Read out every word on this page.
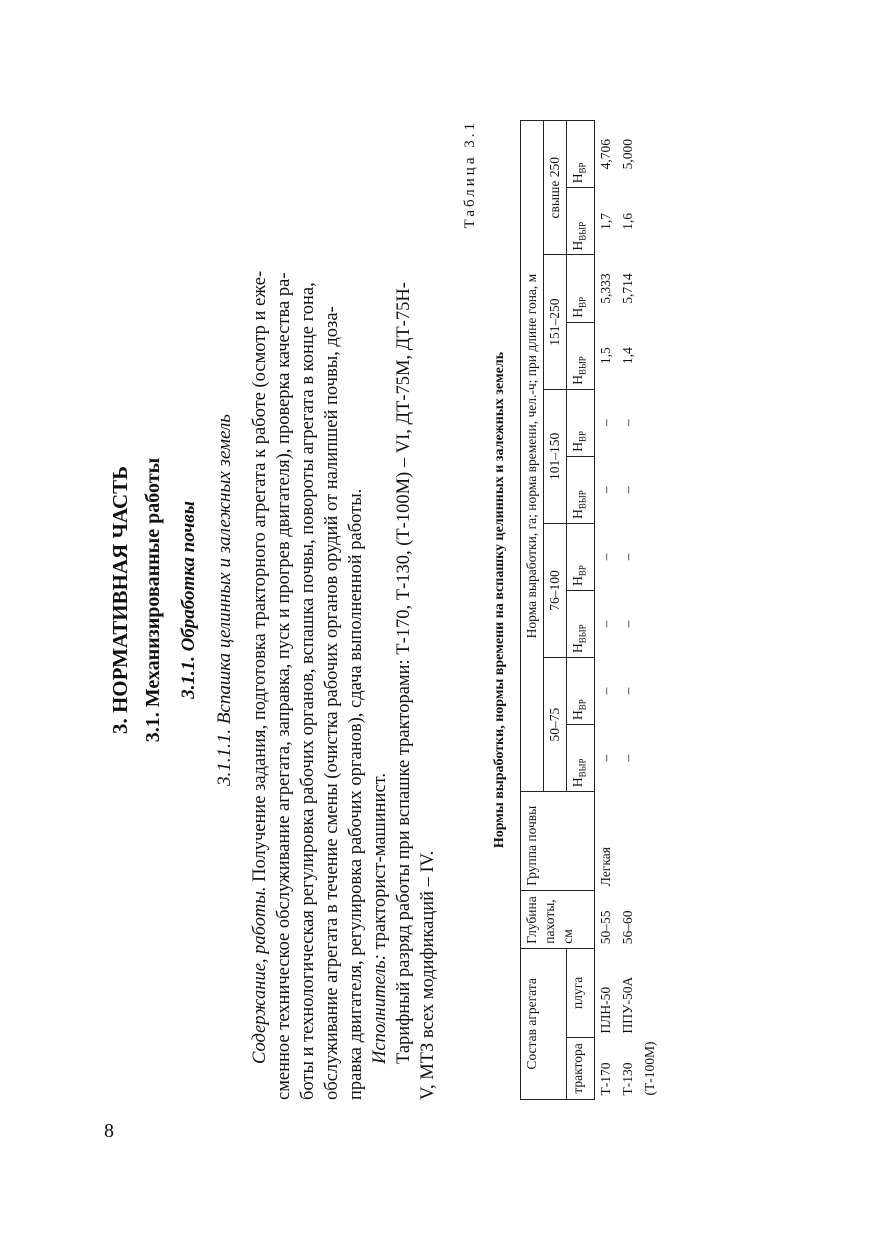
8
3. НОРМАТИВНАЯ ЧАСТЬ 3.1. Механизированные работы 3.1.1. Обработка почвы 3.1.1.1. Вспашка целинных и залежных земель
Содержание, работы. Получение задания, подготовка тракторного агрегата к работе (осмотр и еже- сменное техническое обслуживание агрегата, заправка, пуск и прогрев двигателя), проверка качества ра- боты и технологическая регулировка рабочих органов, вспашка почвы, повороты агрегата в конце гона, обслуживание агрегата в течение смены (очистка рабочих органов орудий от налипшей почвы, доза- правка двигателя, регулировка рабочих органов), сдача выполненной работы. Исполнитель: тракторист-машинист. Тарифный разряд работы при вспашке тракторами: Т-170, Т-130, (Т-100М) – VI, ДТ-75М, ДТ-75Н- V, МТЗ всех модификаций – IV.
Таблица 3.1
Нормы выработки, нормы времени на вспашку целинных и залежных земель
Состав агрегата		Глубина пахоты, см	Группа почвы	Норма выработки, га; норма времени, чел.-ч; при длине гона, м									
				50–75		76–100		101–150		151–250		свыше 250	
трактора	плуга			$Н_{ВЫР}$	$Н_{ВР}$	$Н_{ВЫР}$	$Н_{ВР}$	$Н_{ВЫР}$	$Н_{ВР}$	$Н_{ВЫР}$	$Н_{ВР}$	$Н_{ВЫР}$	$Н_{ВР}$
Т-170	ПЛН-50	50–55	Легкая	–	–	–	–	–	–	1,5	5,333	1,7	4,706
Т-130	ППУ-50А	56–60		–	–	–	–	–	–	1,4	5,714	1,6	5,000
(Т-100М)													
